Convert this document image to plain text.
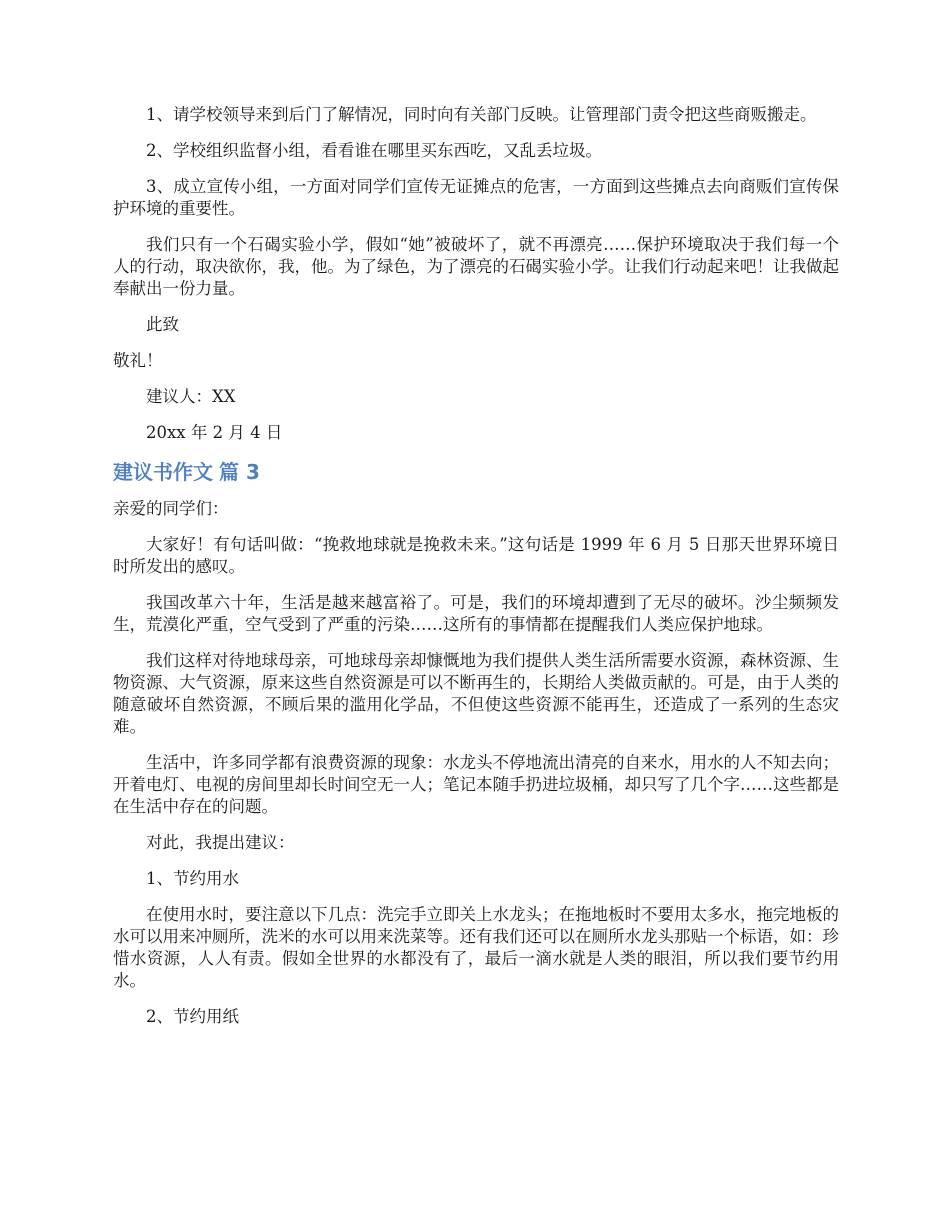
1、请学校领导来到后门了解情况，同时向有关部门反映。让管理部门责令把这些商贩搬走。

2、学校组织监督小组，看看谁在哪里买东西吃，又乱丢垃圾。

3、成立宣传小组，一方面对同学们宣传无证摊点的危害，一方面到这些摊点去向商贩们宣传保护环境的重要性。

我们只有一个石碣实验小学，假如“她”被破坏了，就不再漂亮……保护环境取决于我们每一个人的行动，取决欲你，我，他。为了绿色，为了漂亮的石碣实验小学。让我们行动起来吧！让我做起奉献出一份力量。

此致

敬礼！

建议人：XX

20xx 年 2 月 4 日

建议书作文 篇 3

亲爱的同学们：

大家好！有句话叫做：“挽救地球就是挽救未来。”这句话是 1999 年 6 月 5 日那天世界环境日时所发出的感叹。

我国改革六十年，生活是越来越富裕了。可是，我们的环境却遭到了无尽的破坏。沙尘频频发生，荒漠化严重，空气受到了严重的污染……这所有的事情都在提醒我们人类应保护地球。

我们这样对待地球母亲，可地球母亲却慷慨地为我们提供人类生活所需要水资源，森林资源、生物资源、大气资源，原来这些自然资源是可以不断再生的，长期给人类做贡献的。可是，由于人类的随意破坏自然资源，不顾后果的滥用化学品，不但使这些资源不能再生，还造成了一系列的生态灾难。

生活中，许多同学都有浪费资源的现象：水龙头不停地流出清亮的自来水，用水的人不知去向；开着电灯、电视的房间里却长时间空无一人；笔记本随手扔进垃圾桶，却只写了几个字……这些都是在生活中存在的问题。

对此，我提出建议：

1、节约用水

在使用水时，要注意以下几点：洗完手立即关上水龙头；在拖地板时不要用太多水，拖完地板的水可以用来冲厕所，洗米的水可以用来洗菜等。还有我们还可以在厕所水龙头那贴一个标语，如：珍惜水资源，人人有责。假如全世界的水都没有了，最后一滴水就是人类的眼泪，所以我们要节约用水。

2、节约用纸
